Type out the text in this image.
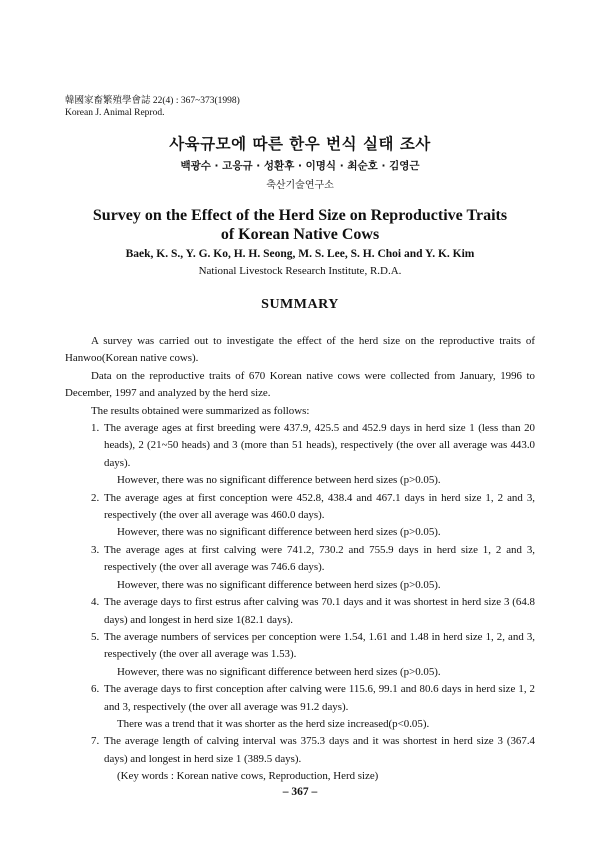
韓國家畜繁殖學會誌 22(4) : 367~373(1998)
Korean J. Animal Reprod.
사육규모에 따른 한우 번식 실태 조사
백광수 · 고응규 · 성환후 · 이명식 · 최순호 · 김영근
축산기술연구소
Survey on the Effect of the Herd Size on Reproductive Traits
of Korean Native Cows
Baek, K. S., Y. G. Ko, H. H. Seong, M. S. Lee, S. H. Choi and Y. K. Kim
National Livestock Research Institute, R.D.A.
SUMMARY

A survey was carried out to investigate the effect of the herd size on the reproductive traits of Hanwoo(Korean native cows).

Data on the reproductive traits of 670 Korean native cows were collected from January, 1996 to December, 1997 and analyzed by the herd size.

The results obtained were summarized as follows:

1. The average ages at first breeding were 437.9, 425.5 and 452.9 days in herd size 1 (less than 20 heads), 2 (21~50 heads) and 3 (more than 51 heads), respectively (the over all average was 443.0 days).
However, there was no significant difference between herd sizes (p>0.05).
2. The average ages at first conception were 452.8, 438.4 and 467.1 days in herd size 1, 2 and 3, respectively (the over all average was 460.0 days).
However, there was no significant difference between herd sizes (p>0.05).
3. The average ages at first calving were 741.2, 730.2 and 755.9 days in herd size 1, 2 and 3, respectively (the over all average was 746.6 days).
However, there was no significant difference between herd sizes (p>0.05).
4. The average days to first estrus after calving was 70.1 days and it was shortest in herd size 3 (64.8 days) and longest in herd size 1(82.1 days).
5. The average numbers of services per conception were 1.54, 1.61 and 1.48 in herd size 1, 2, and 3, respectively (the over all average was 1.53).
However, there was no significant difference between herd sizes (p>0.05).
6. The average days to first conception after calving were 115.6, 99.1 and 80.6 days in herd size 1, 2 and 3, respectively (the over all average was 91.2 days).
There was a trend that it was shorter as the herd size increased(p<0.05).
7. The average length of calving interval was 375.3 days and it was shortest in herd size 3 (367.4 days) and longest in herd size 1 (389.5 days).
(Key words : Korean native cows, Reproduction, Herd size)
– 367 –
